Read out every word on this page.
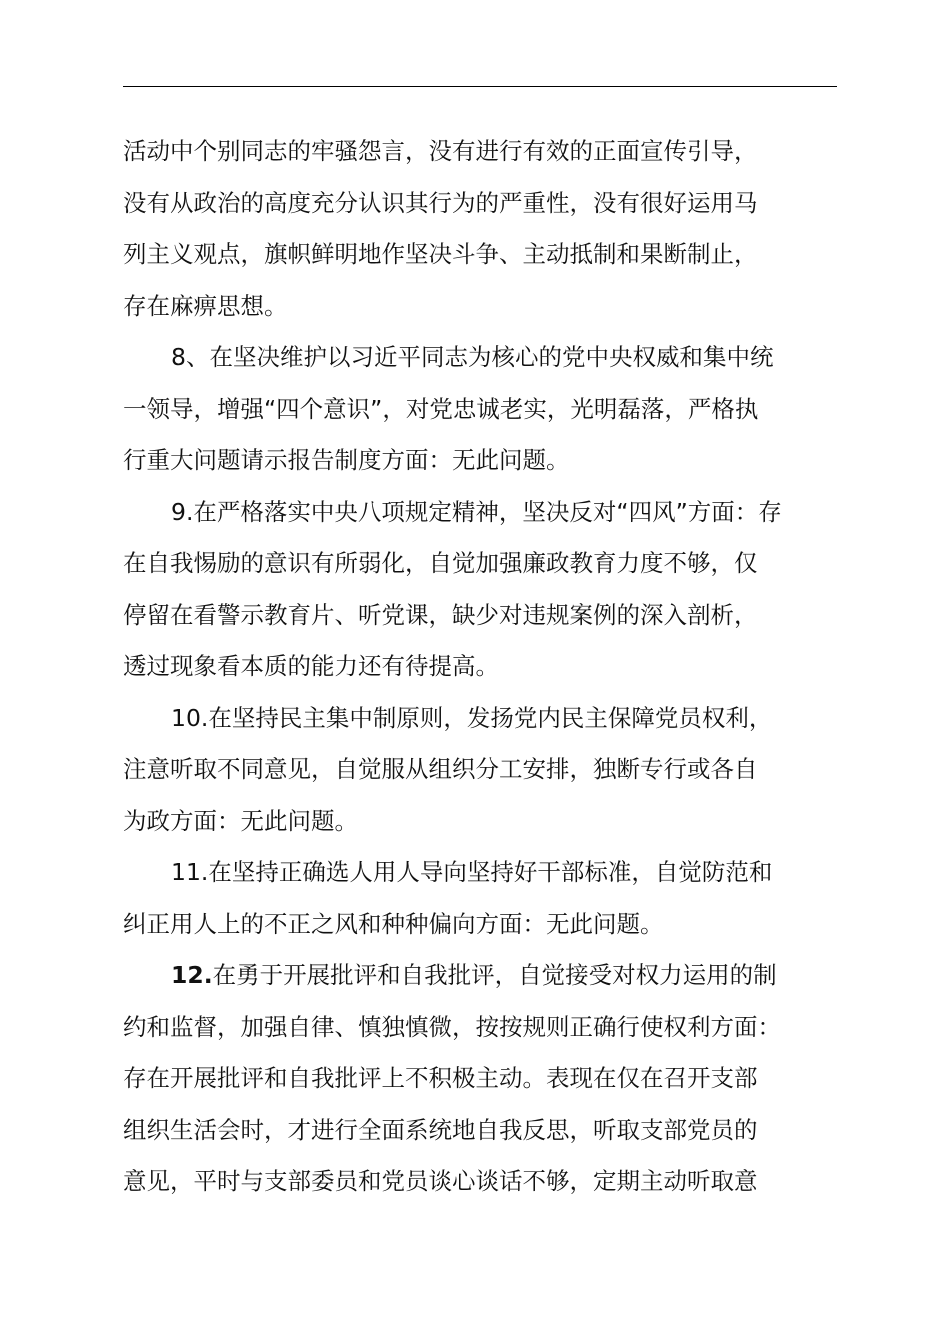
活动中个别同志的牢骚怨言，没有进行有效的正面宣传引导，
没有从政治的高度充分认识其行为的严重性，没有很好运用马
列主义观点，旗帜鲜明地作坚决斗争、主动抵制和果断制止，
存在麻痹思想。
8、在坚决维护以习近平同志为核心的党中央权威和集中统
一领导，增强“四个意识”，对党忠诚老实，光明磊落，严格执
行重大问题请示报告制度方面：无此问题。
9.在严格落实中央八项规定精神，坚决反对“四风”方面：存
在自我惕励的意识有所弱化，自觉加强廉政教育力度不够，仅
停留在看警示教育片、听党课，缺少对违规案例的深入剖析，
透过现象看本质的能力还有待提高。
10.在坚持民主集中制原则，发扬党内民主保障党员权利，
注意听取不同意见，自觉服从组织分工安排，独断专行或各自
为政方面：无此问题。
11.在坚持正确选人用人导向坚持好干部标准，自觉防范和
纠正用人上的不正之风和种种偏向方面：无此问题。
12.在勇于开展批评和自我批评，自觉接受对权力运用的制
约和监督，加强自律、慎独慎微，按按规则正确行使权利方面：
存在开展批评和自我批评上不积极主动。表现在仅在召开支部
组织生活会时，才进行全面系统地自我反思，听取支部党员的
意见，平时与支部委员和党员谈心谈话不够，定期主动听取意
